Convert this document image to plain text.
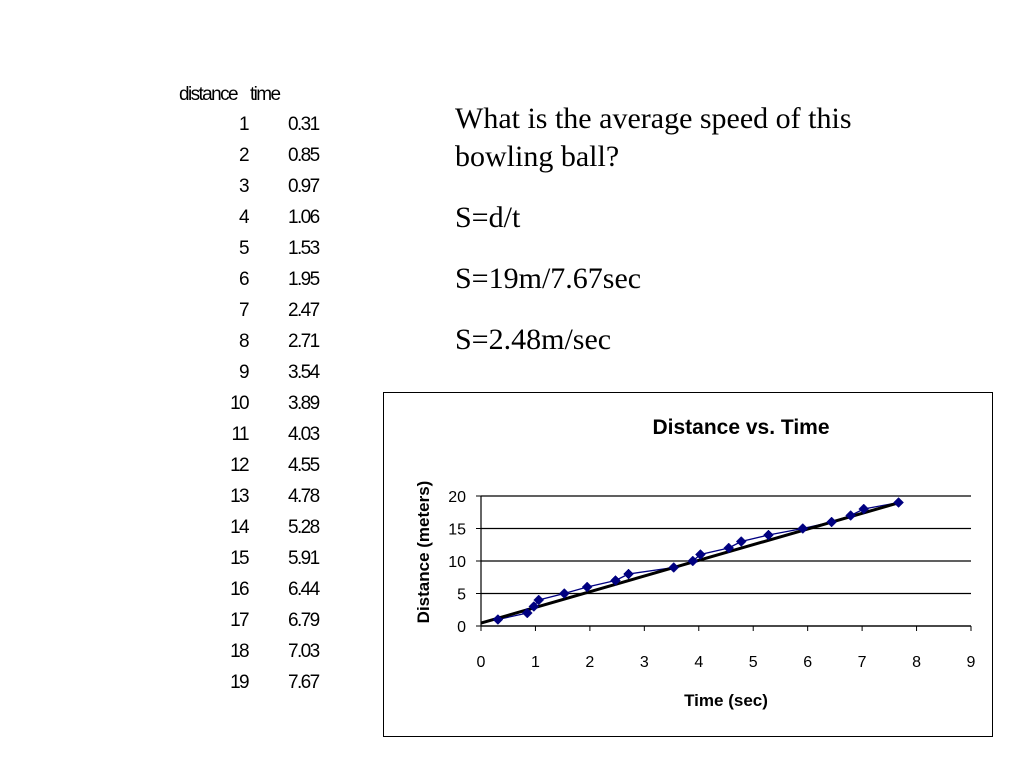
distance time
1 0.31
2 0.85
3 0.97
4 1.06
5 1.53
6 1.95
7 2.47
8 2.71
9 3.54
10 3.89
11 4.03
12 4.55
13 4.78
14 5.28
15 5.91
16 6.44
17 6.79
18 7.03
19 7.67

What is the average speed of this bowling ball?

S=d/t

S=19m/7.67sec

S=2.48m/sec

Distance vs. Time
0
5
10
15
20
0	1	2	3	4	5	6	7	8	9
Time (sec)
Distance (meters)
